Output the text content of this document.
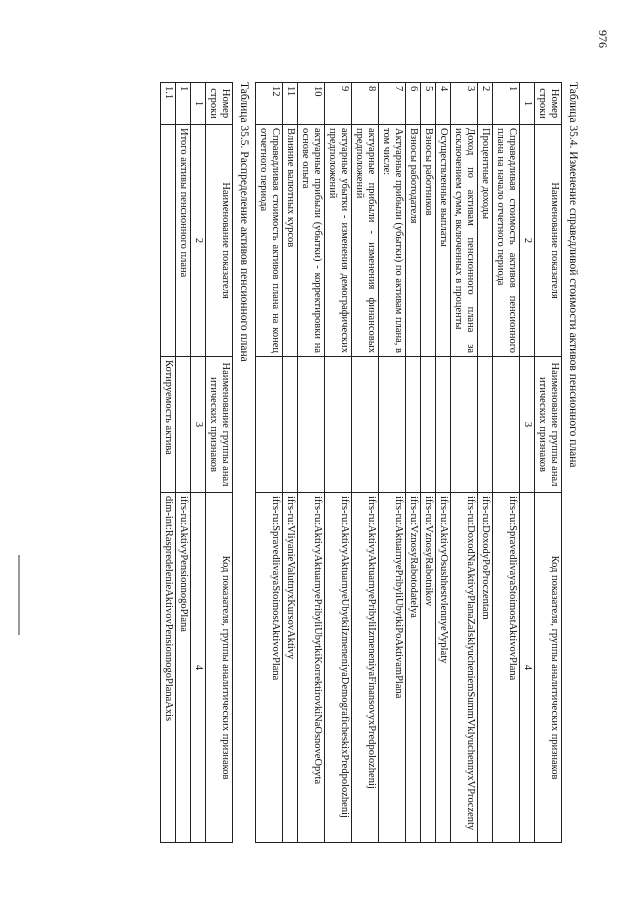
976
Таблица 35.4. Изменение справедливой стоимости активов пенсионного плана
Номер строки	Наименование показателя	Наименование группы аналитических признаков	Код показателя, группы аналитических признаков
1	2	3	4
1	Справедливая стоимость активов пенсионного плана на начало отчетного периода		ifrs-ru:SpravedlivayaStoimostAktivovPlana
2	Процентные доходы		ifrs-ru:DoxodyPoProczentam
3	Доход по активам пенсионного плана за исключением сумм, включенных в проценты		ifrs-ru:DoxodNaAktivyPlanaZaIsklyucheniemSummVklyuchennyxVProczenty
4	Осуществленные выплаты		ifrs-ru:AktivyOsushhestvlennyeVyplaty
5	Взносы работников		ifrs-ru:VznosyRabotnikov
6	Взносы работодателя		ifrs-ru:VznosyRabotodatelya
7	Актуарные прибыли (убытки) по активам плана, в том числе:		ifrs-ru:AktuarnyePribyliUbytkiPoAktivamPlana
8	актуарные прибыли - изменения финансовых предположений		ifrs-ru:AktivyAktuarnyePribyliIzmeneniyaFinansovyxPredpolozhenij
9	актуарные убытки - изменения демографических предположений		ifrs-ru:AktivyAktuarnyeUbytkiIzmeneniyaDemograficheskixPredpolozhenij
10	актуарные прибыли (убытки) - корректировки на основе опыта		ifrs-ru:AktivyAktuarnyePribyliUbytkiKorrektirovkiNaOsnoveOpyta
11	Влияние валютных курсов		ifrs-ru:VliyanieValutnyxKursovAktivy
12	Справедливая стоимость активов плана на конец отчетного периода		ifrs-ru:SpravedlivayaStoimostAktivovPlana
Таблица 35.5. Распределение активов пенсионного плана
Номер строки	Наименование показателя	Наименование группы аналитических признаков	Код показателя, группы аналитических признаков
1	2	3	4
1	Итого активы пенсионного плана		ifrs-ru:AktivyPensionnogoPlana
1.1		Котируемость актива	dim-int:RaspredelenieAktivovPensionnogoPlanaAxis
